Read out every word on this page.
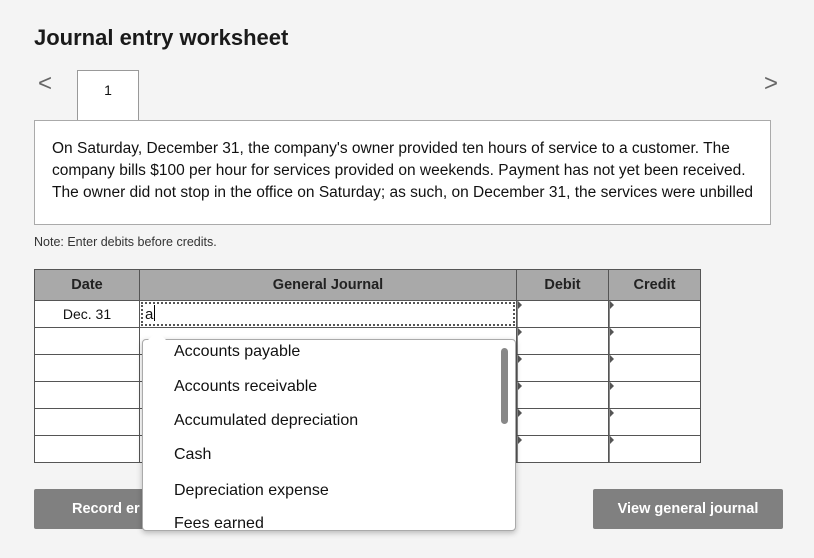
Journal entry worksheet
<	>
1
On Saturday, December 31, the company's owner provided ten hours of service to a customer. The company bills $100 per hour for services provided on weekends. Payment has not yet been received. The owner did not stop in the office on Saturday; as such, on December 31, the services were unbilled
Note: Enter debits before credits.
Date	General Journal	Debit	Credit
Dec. 31	a		

Record er	View general journal
Accounts payable
Accounts receivable
Accumulated depreciation
Cash
Depreciation expense
Fees earned
